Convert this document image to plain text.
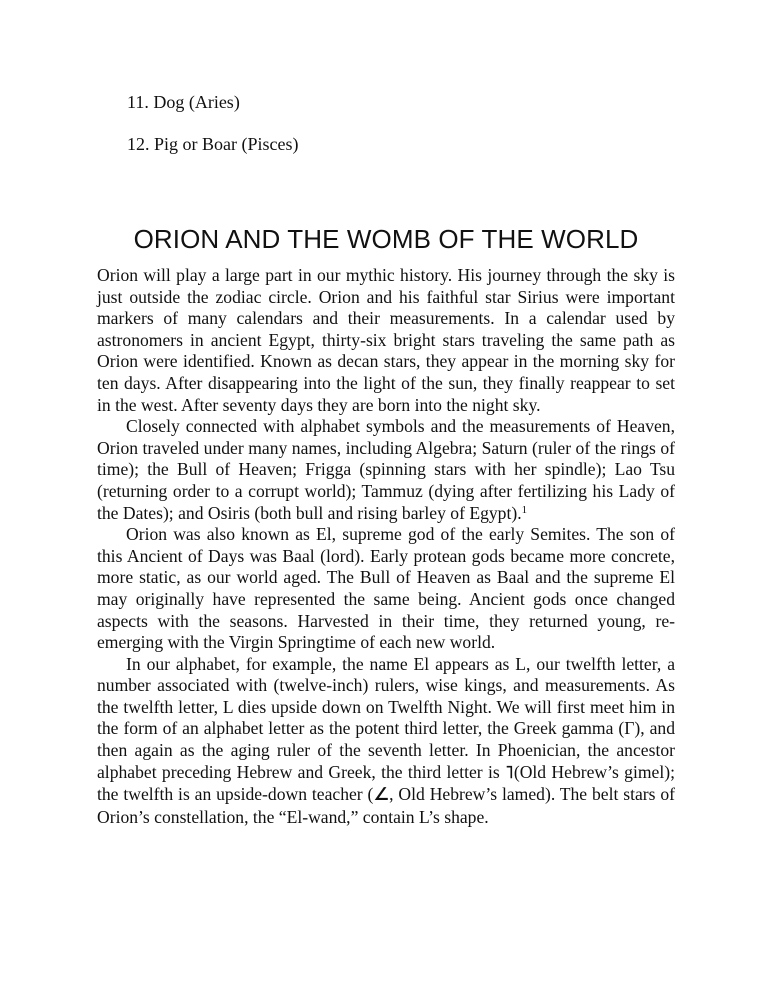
11. Dog (Aries)
12. Pig or Boar (Pisces)
ORION AND THE WOMB OF THE WORLD

Orion will play a large part in our mythic history. His journey through the sky is just outside the zodiac circle. Orion and his faithful star Sirius were important markers of many calendars and their measurements. In a calendar used by astronomers in ancient Egypt, thirty-six bright stars traveling the same path as Orion were identified. Known as decan stars, they appear in the morning sky for ten days. After disappearing into the light of the sun, they finally reappear to set in the west. After seventy days they are born into the night sky.

Closely connected with alphabet symbols and the measurements of Heaven, Orion traveled under many names, including Algebra; Saturn (ruler of the rings of time); the Bull of Heaven; Frigga (spinning stars with her spindle); Lao Tsu (returning order to a corrupt world); Tammuz (dying after fertilizing his Lady of the Dates); and Osiris (both bull and rising barley of Egypt).$^1$

Orion was also known as El, supreme god of the early Semites. The son of this Ancient of Days was Baal (lord). Early protean gods became more concrete, more static, as our world aged. The Bull of Heaven as Baal and the supreme El may originally have represented the same being. Ancient gods once changed aspects with the seasons. Harvested in their time, they returned young, re-emerging with the Virgin Springtime of each new world.

In our alphabet, for example, the name El appears as L, our twelfth letter, a number associated with (twelve-inch) rulers, wise kings, and measurements. As the twelfth letter, L dies upside down on Twelfth Night. We will first meet him in the form of an alphabet letter as the potent third letter, the Greek gamma (Γ), and then again as the aging ruler of the seventh letter. In Phoenician, the ancestor alphabet preceding Hebrew and Greek, the third letter is ˥(Old Hebrew’s gimel); the twelfth is an upside-down teacher (∠, Old Hebrew’s lamed). The belt stars of Orion’s constellation, the “El-wand,” contain L’s shape.
